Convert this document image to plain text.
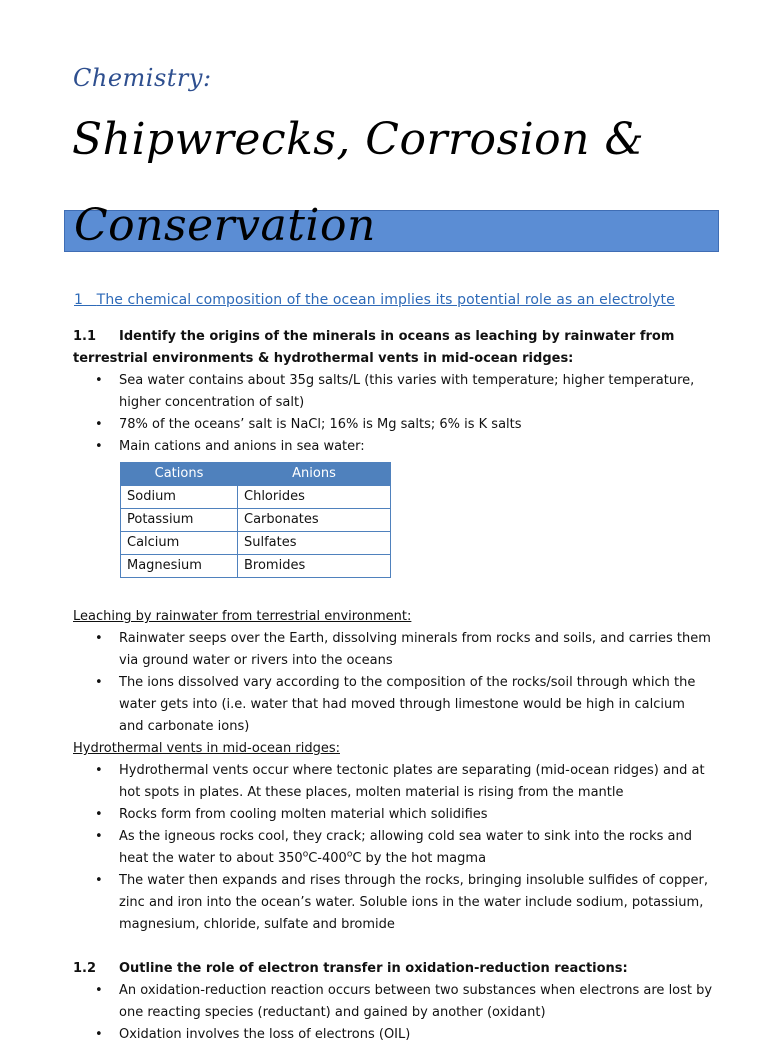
Chemistry:
Shipwrecks, Corrosion &
Conservation
1 The chemical composition of the ocean implies its potential role as an electrolyte

1.1 Identify the origins of the minerals in oceans as leaching by rainwater from terrestrial environments & hydrothermal vents in mid-ocean ridges:

• Sea water contains about 35g salts/L (this varies with temperature; higher temperature, higher concentration of salt)
• 78% of the oceans’ salt is NaCl; 16% is Mg salts; 6% is K salts
• Main cations and anions in sea water:
Cations	Anions
Sodium	Chlorides
Potassium	Carbonates
Calcium	Sulfates
Magnesium	Bromides

Leaching by rainwater from terrestrial environment:

• Rainwater seeps over the Earth, dissolving minerals from rocks and soils, and carries them via ground water or rivers into the oceans
• The ions dissolved vary according to the composition of the rocks/soil through which the water gets into (i.e. water that had moved through limestone would be high in calcium and carbonate ions)

Hydrothermal vents in mid-ocean ridges:

• Hydrothermal vents occur where tectonic plates are separating (mid-ocean ridges) and at hot spots in plates. At these places, molten material is rising from the mantle
• Rocks form from cooling molten material which solidifies
• As the igneous rocks cool, they crack; allowing cold sea water to sink into the rocks and heat the water to about 350$^o$C-400$^o$C by the hot magma
• The water then expands and rises through the rocks, bringing insoluble sulfides of copper, zinc and iron into the ocean’s water. Soluble ions in the water include sodium, potassium, magnesium, chloride, sulfate and bromide

1.2 Outline the role of electron transfer in oxidation-reduction reactions:

• An oxidation-reduction reaction occurs between two substances when electrons are lost by one reacting species (reductant) and gained by another (oxidant)
• Oxidation involves the loss of electrons (OIL)
